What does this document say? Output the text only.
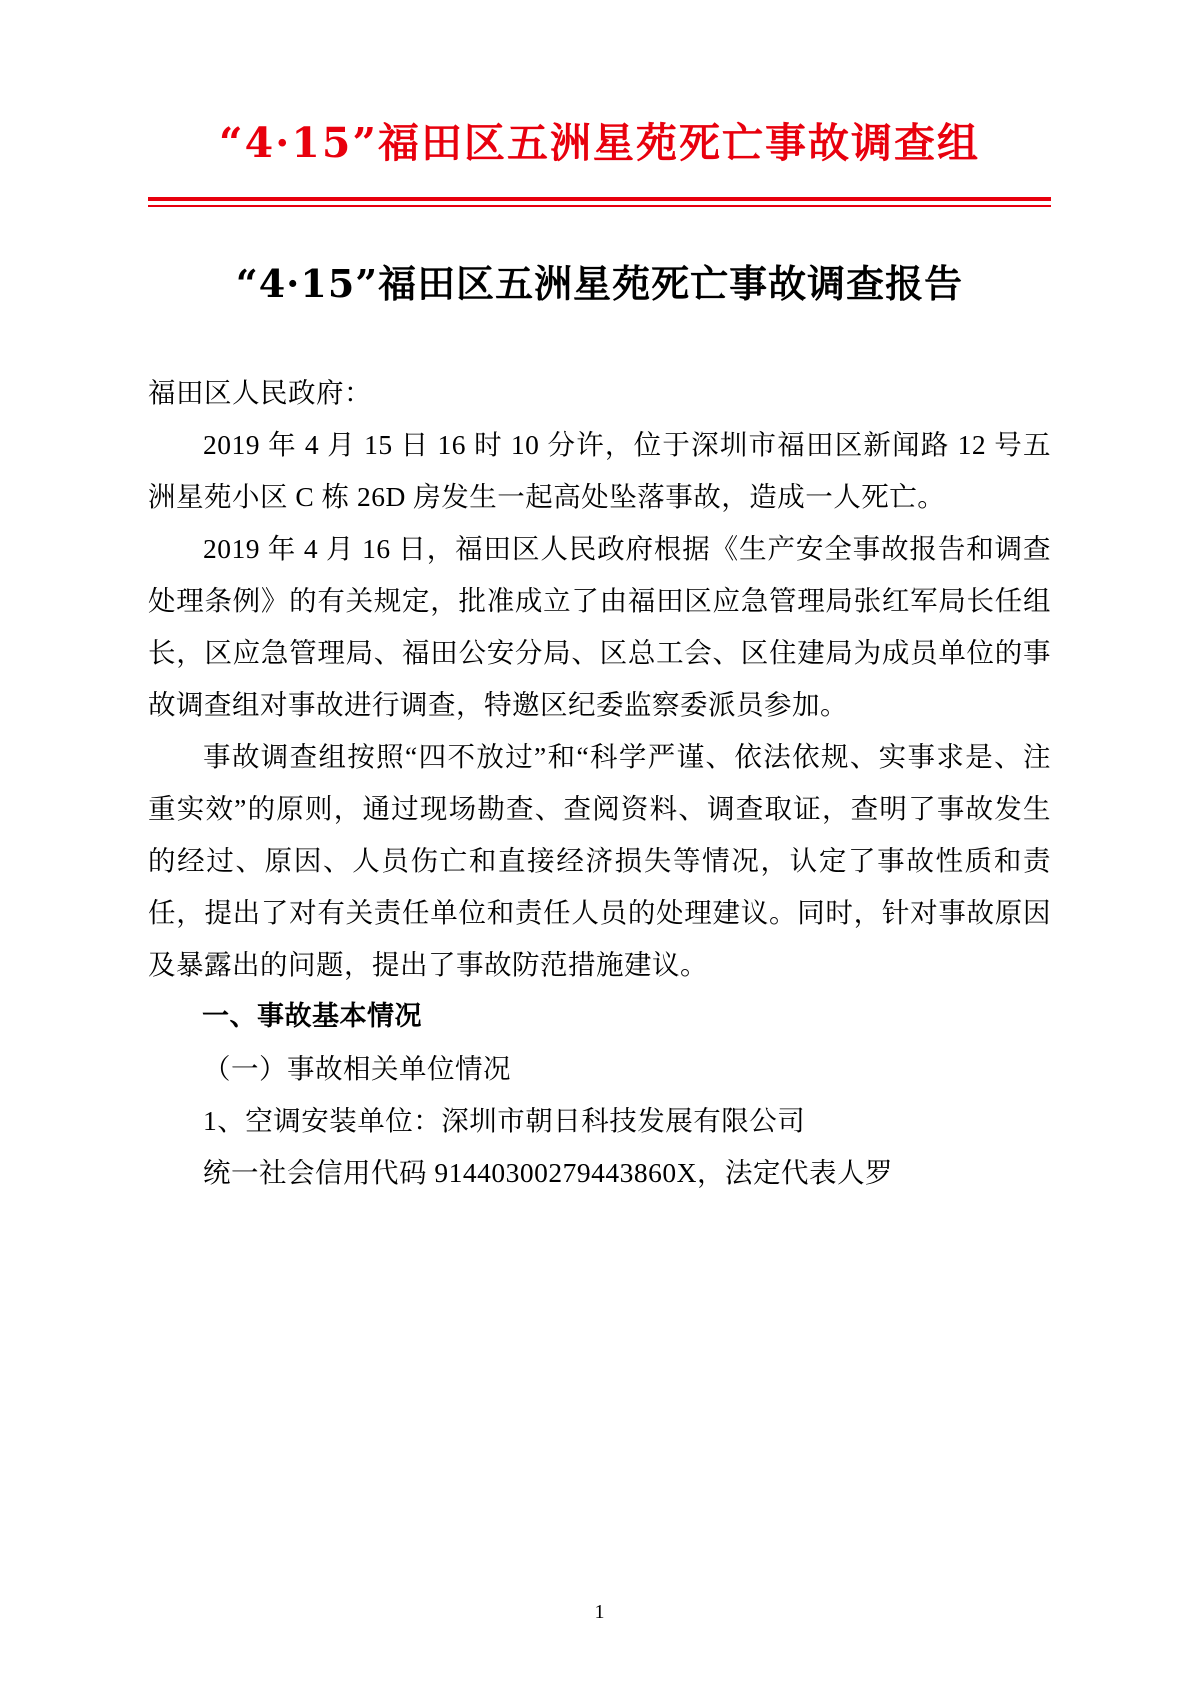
“4·15”福田区五洲星苑死亡事故调查组
“4·15”福田区五洲星苑死亡事故调查报告

福田区人民政府：

2019 年 4 月 15 日 16 时 10 分许，位于深圳市福田区新闻路 12 号五洲星苑小区 C 栋 26D 房发生一起高处坠落事故，造成一人死亡。

2019 年 4 月 16 日，福田区人民政府根据《生产安全事故报告和调查处理条例》的有关规定，批准成立了由福田区应急管理局张红军局长任组长，区应急管理局、福田公安分局、区总工会、区住建局为成员单位的事故调查组对事故进行调查，特邀区纪委监察委派员参加。

事故调查组按照“四不放过”和“科学严谨、依法依规、实事求是、注重实效”的原则，通过现场勘查、查阅资料、调查取证，查明了事故发生的经过、原因、人员伤亡和直接经济损失等情况，认定了事故性质和责任，提出了对有关责任单位和责任人员的处理建议。同时，针对事故原因及暴露出的问题，提出了事故防范措施建议。

一、事故基本情况

（一）事故相关单位情况

1、空调安装单位：深圳市朝日科技发展有限公司

统一社会信用代码 91440300279443860X，法定代表人罗

1
